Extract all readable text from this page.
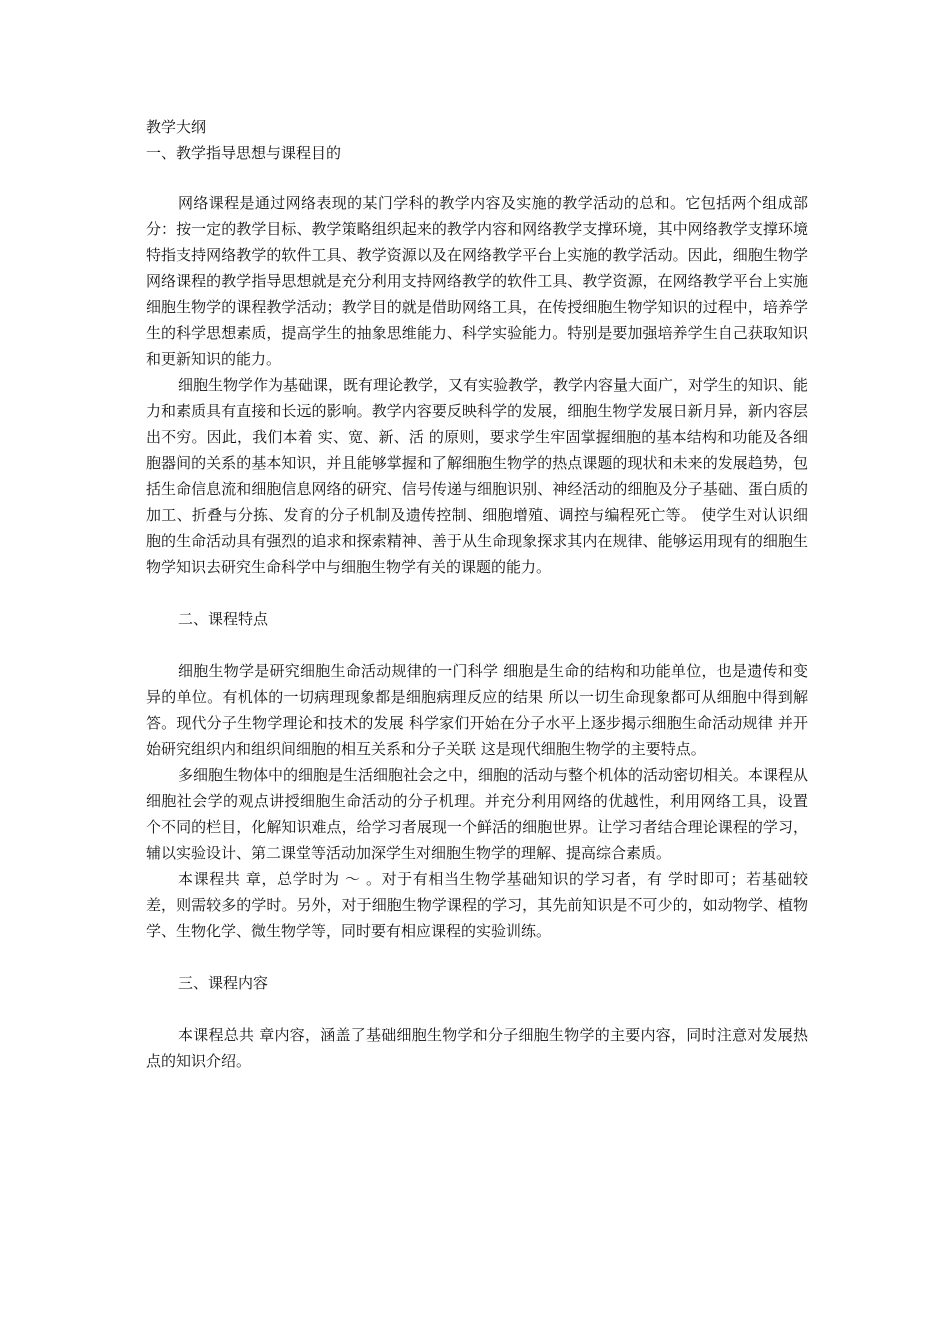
教学大纲

一、教学指导思想与课程目的

网络课程是通过网络表现的某门学科的教学内容及实施的教学活动的总和。它包括两个组成部分：按一定的教学目标、教学策略组织起来的教学内容和网络教学支撑环境，其中网络教学支撑环境特指支持网络教学的软件工具、教学资源以及在网络教学平台上实施的教学活动。因此，细胞生物学网络课程的教学指导思想就是充分利用支持网络教学的软件工具、教学资源，在网络教学平台上实施细胞生物学的课程教学活动；教学目的就是借助网络工具，在传授细胞生物学知识的过程中，培养学生的科学思想素质，提高学生的抽象思维能力、科学实验能力。特别是要加强培养学生自己获取知识和更新知识的能力。

细胞生物学作为基础课，既有理论教学，又有实验教学，教学内容量大面广，对学生的知识、能力和素质具有直接和长远的影响。教学内容要反映科学的发展，细胞生物学发展日新月异，新内容层出不穷。因此，我们本着 实、宽、新、活 的原则，要求学生牢固掌握细胞的基本结构和功能及各细胞器间的关系的基本知识，并且能够掌握和了解细胞生物学的热点课题的现状和未来的发展趋势，包括生命信息流和细胞信息网络的研究、信号传递与细胞识别、神经活动的细胞及分子基础、蛋白质的加工、折叠与分拣、发育的分子机制及遗传控制、细胞增殖、调控与编程死亡等。 使学生对认识细胞的生命活动具有强烈的追求和探索精神、善于从生命现象探求其内在规律、能够运用现有的细胞生物学知识去研究生命科学中与细胞生物学有关的课题的能力。

二、课程特点

细胞生物学是研究细胞生命活动规律的一门科学 细胞是生命的结构和功能单位，也是遗传和变异的单位。有机体的一切病理现象都是细胞病理反应的结果 所以一切生命现象都可从细胞中得到解答。现代分子生物学理论和技术的发展 科学家们开始在分子水平上逐步揭示细胞生命活动规律 并开始研究组织内和组织间细胞的相互关系和分子关联 这是现代细胞生物学的主要特点。

多细胞生物体中的细胞是生活细胞社会之中，细胞的活动与整个机体的活动密切相关。本课程从细胞社会学的观点讲授细胞生命活动的分子机理。并充分利用网络的优越性，利用网络工具，设置 个不同的栏目，化解知识难点，给学习者展现一个鲜活的细胞世界。让学习者结合理论课程的学习，辅以实验设计、第二课堂等活动加深学生对细胞生物学的理解、提高综合素质。

本课程共 章，总学时为 ～ 。对于有相当生物学基础知识的学习者，有 学时即可；若基础较差，则需较多的学时。另外，对于细胞生物学课程的学习，其先前知识是不可少的，如动物学、植物学、生物化学、微生物学等，同时要有相应课程的实验训练。

三、课程内容

本课程总共 章内容，涵盖了基础细胞生物学和分子细胞生物学的主要内容，同时注意对发展热点的知识介绍。
